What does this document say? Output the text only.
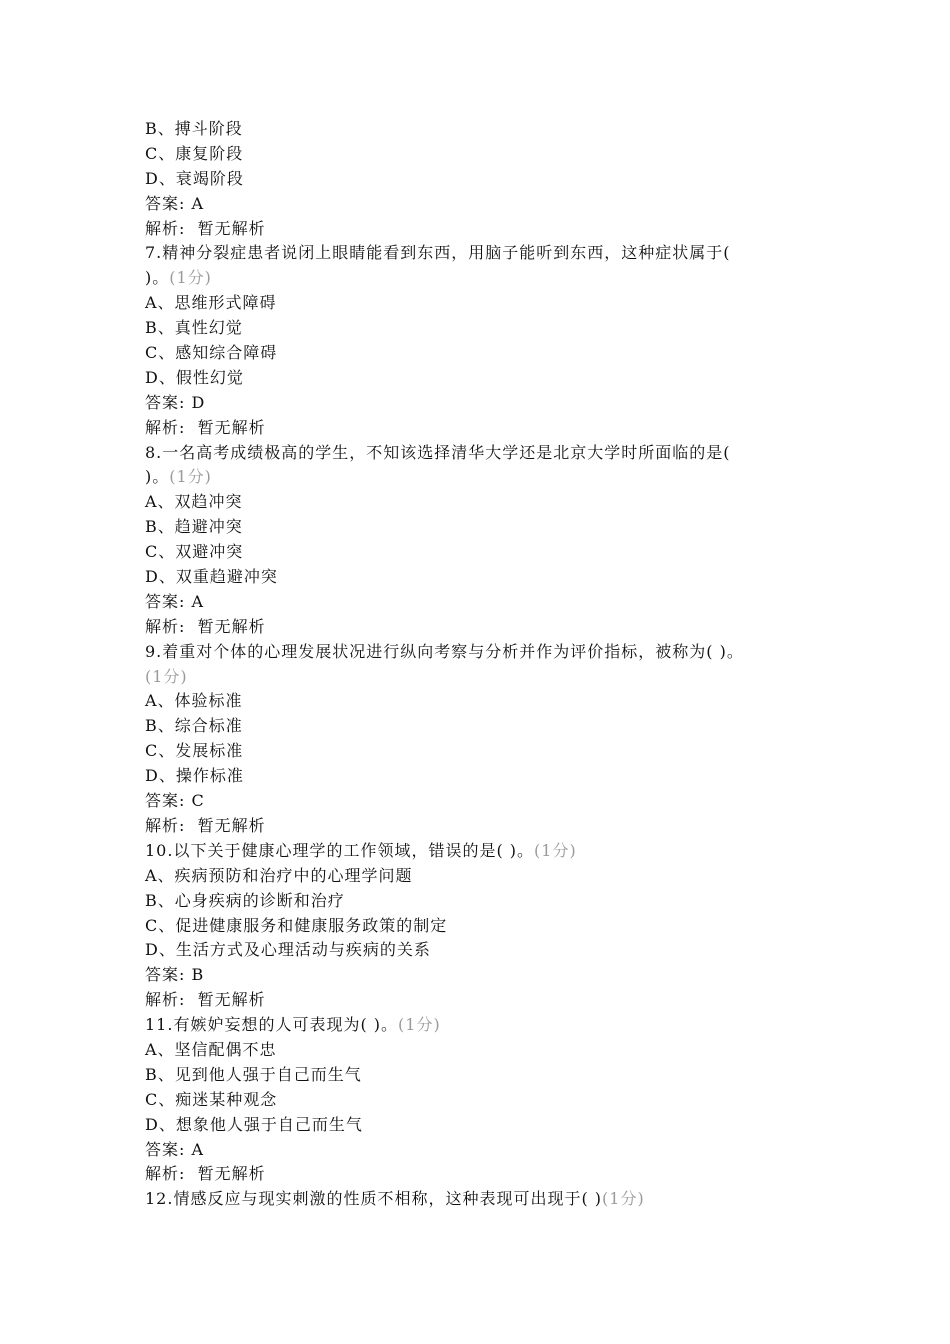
B、搏斗阶段
C、康复阶段
D、衰竭阶段
答案: A
解析:  暂无解析
7.精神分裂症患者说闭上眼睛能看到东西，用脑子能听到东西，这种症状属于(
)。(1分)
A、思维形式障碍
B、真性幻觉
C、感知综合障碍
D、假性幻觉
答案: D
解析:  暂无解析
8.一名高考成绩极高的学生，不知该选择清华大学还是北京大学时所面临的是(
)。(1分)
A、双趋冲突
B、趋避冲突
C、双避冲突
D、双重趋避冲突
答案: A
解析:  暂无解析
9.着重对个体的心理发展状况进行纵向考察与分析并作为评价指标，被称为( )。
(1分)
A、体验标准
B、综合标准
C、发展标准
D、操作标准
答案: C
解析:  暂无解析
10.以下关于健康心理学的工作领域，错误的是( )。(1分)
A、疾病预防和治疗中的心理学问题
B、心身疾病的诊断和治疗
C、促进健康服务和健康服务政策的制定
D、生活方式及心理活动与疾病的关系
答案: B
解析:  暂无解析
11.有嫉妒妄想的人可表现为( )。(1分)
A、坚信配偶不忠
B、见到他人强于自己而生气
C、痴迷某种观念
D、想象他人强于自己而生气
答案: A
解析:  暂无解析
12.情感反应与现实刺激的性质不相称，这种表现可出现于( )(1分)
